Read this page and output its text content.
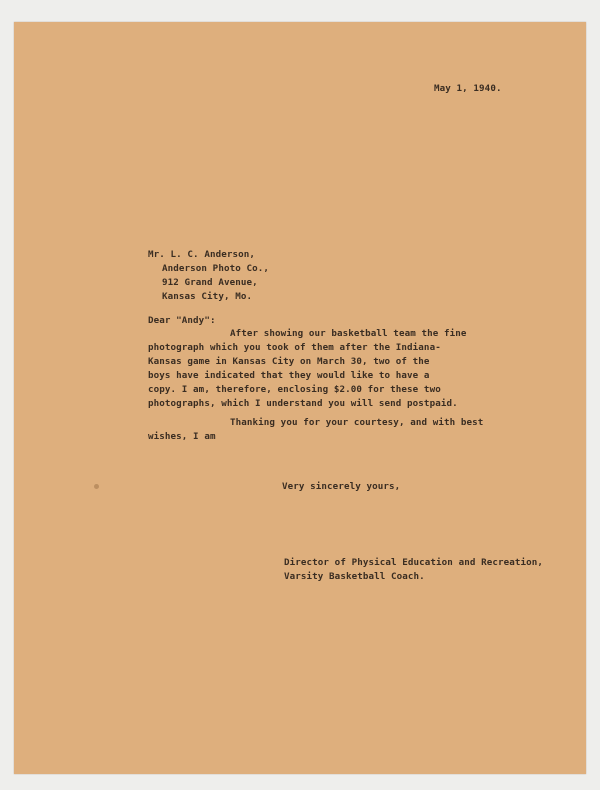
May 1, 1940.
Mr. L. C. Anderson,
Anderson Photo Co.,
912 Grand Avenue,
Kansas City, Mo.
Dear "Andy":
After showing our basketball team the fine
photograph which you took of them after the Indiana-
Kansas game in Kansas City on March 30, two of the
boys have indicated that they would like to have a
copy. I am, therefore, enclosing $2.00 for these two
photographs, which I understand you will send postpaid.
Thanking you for your courtesy, and with best
wishes, I am
Very sincerely yours,
Director of Physical Education and Recreation,
Varsity Basketball Coach.
